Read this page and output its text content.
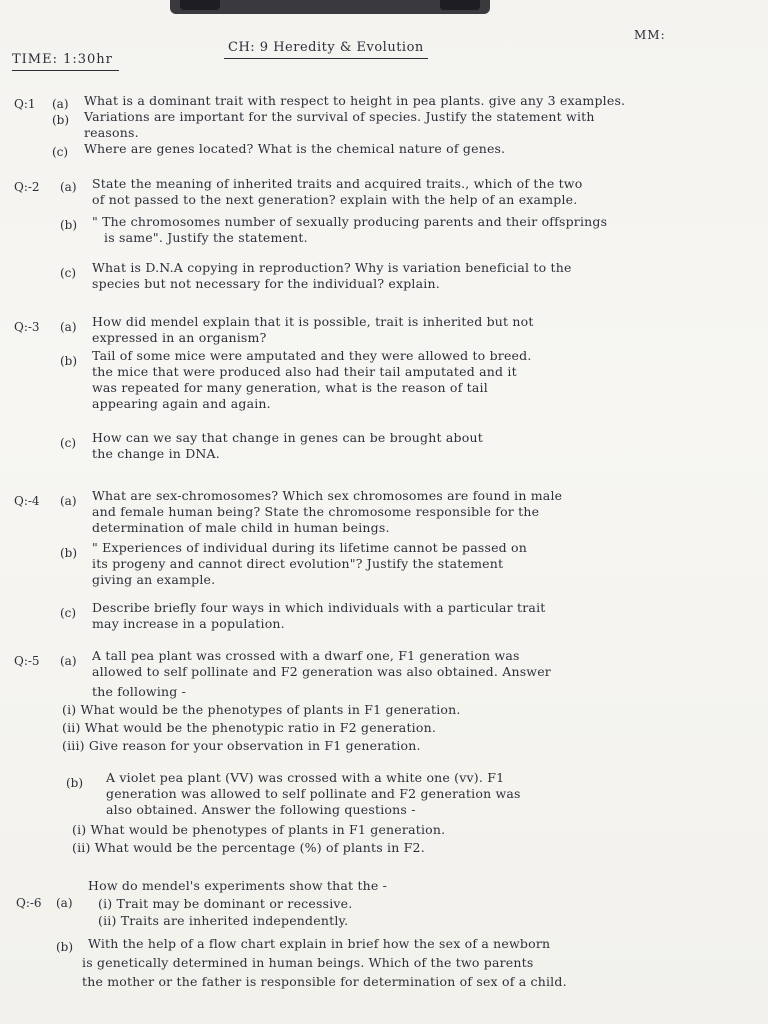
TIME: 1:30hr
CH: 9 Heredity & Evolution
MM:
Q:1 (a) What is a dominant trait with respect to height in pea plants. give any 3 examples.
(b) Variations are important for the survival of species. Justify the statement with
reasons.
(c) Where are genes located? What is the chemical nature of genes.
Q:-2 (a) State the meaning of inherited traits and acquired traits., which of the two
of not passed to the next generation? explain with the help of an example.
(b) " The chromosomes number of sexually producing parents and their offsprings
is same". Justify the statement.
(c) What is D.N.A copying in reproduction? Why is variation beneficial to the
species but not necessary for the individual? explain.
Q:-3 (a) How did mendel explain that it is possible, trait is inherited but not
expressed in an organism?
(b) Tail of some mice were amputated and they were allowed to breed.
the mice that were produced also had their tail amputated and it
was repeated for many generation, what is the reason of tail
appearing again and again.
(c) How can we say that change in genes can be brought about
the change in DNA.
Q:-4 (a) What are sex-chromosomes? Which sex chromosomes are found in male
and female human being? State the chromosome responsible for the
determination of male child in human beings.
(b) " Experiences of individual during its lifetime cannot be passed on
its progeny and cannot direct evolution"? Justify the statement
giving an example.
(c) Describe briefly four ways in which individuals with a particular trait
may increase in a population.
Q:-5 (a) A tall pea plant was crossed with a dwarf one, F1 generation was
allowed to self pollinate and F2 generation was also obtained. Answer
the following -
(i) What would be the phenotypes of plants in F1 generation.
(ii) What would be the phenotypic ratio in F2 generation.
(iii) Give reason for your observation in F1 generation.
(b) A violet pea plant (VV) was crossed with a white one (vv). F1
generation was allowed to self pollinate and F2 generation was
also obtained. Answer the following questions -
(i) What would be phenotypes of plants in F1 generation.
(ii) What would be the percentage (%) of plants in F2.
Q:-6 (a)
How do mendel's experiments show that the -
(i) Trait may be dominant or recessive.
(ii) Traits are inherited independently.
(b) With the help of a flow chart explain in brief how the sex of a newborn
is genetically determined in human beings. Which of the two parents
the mother or the father is responsible for determination of sex of a child.
